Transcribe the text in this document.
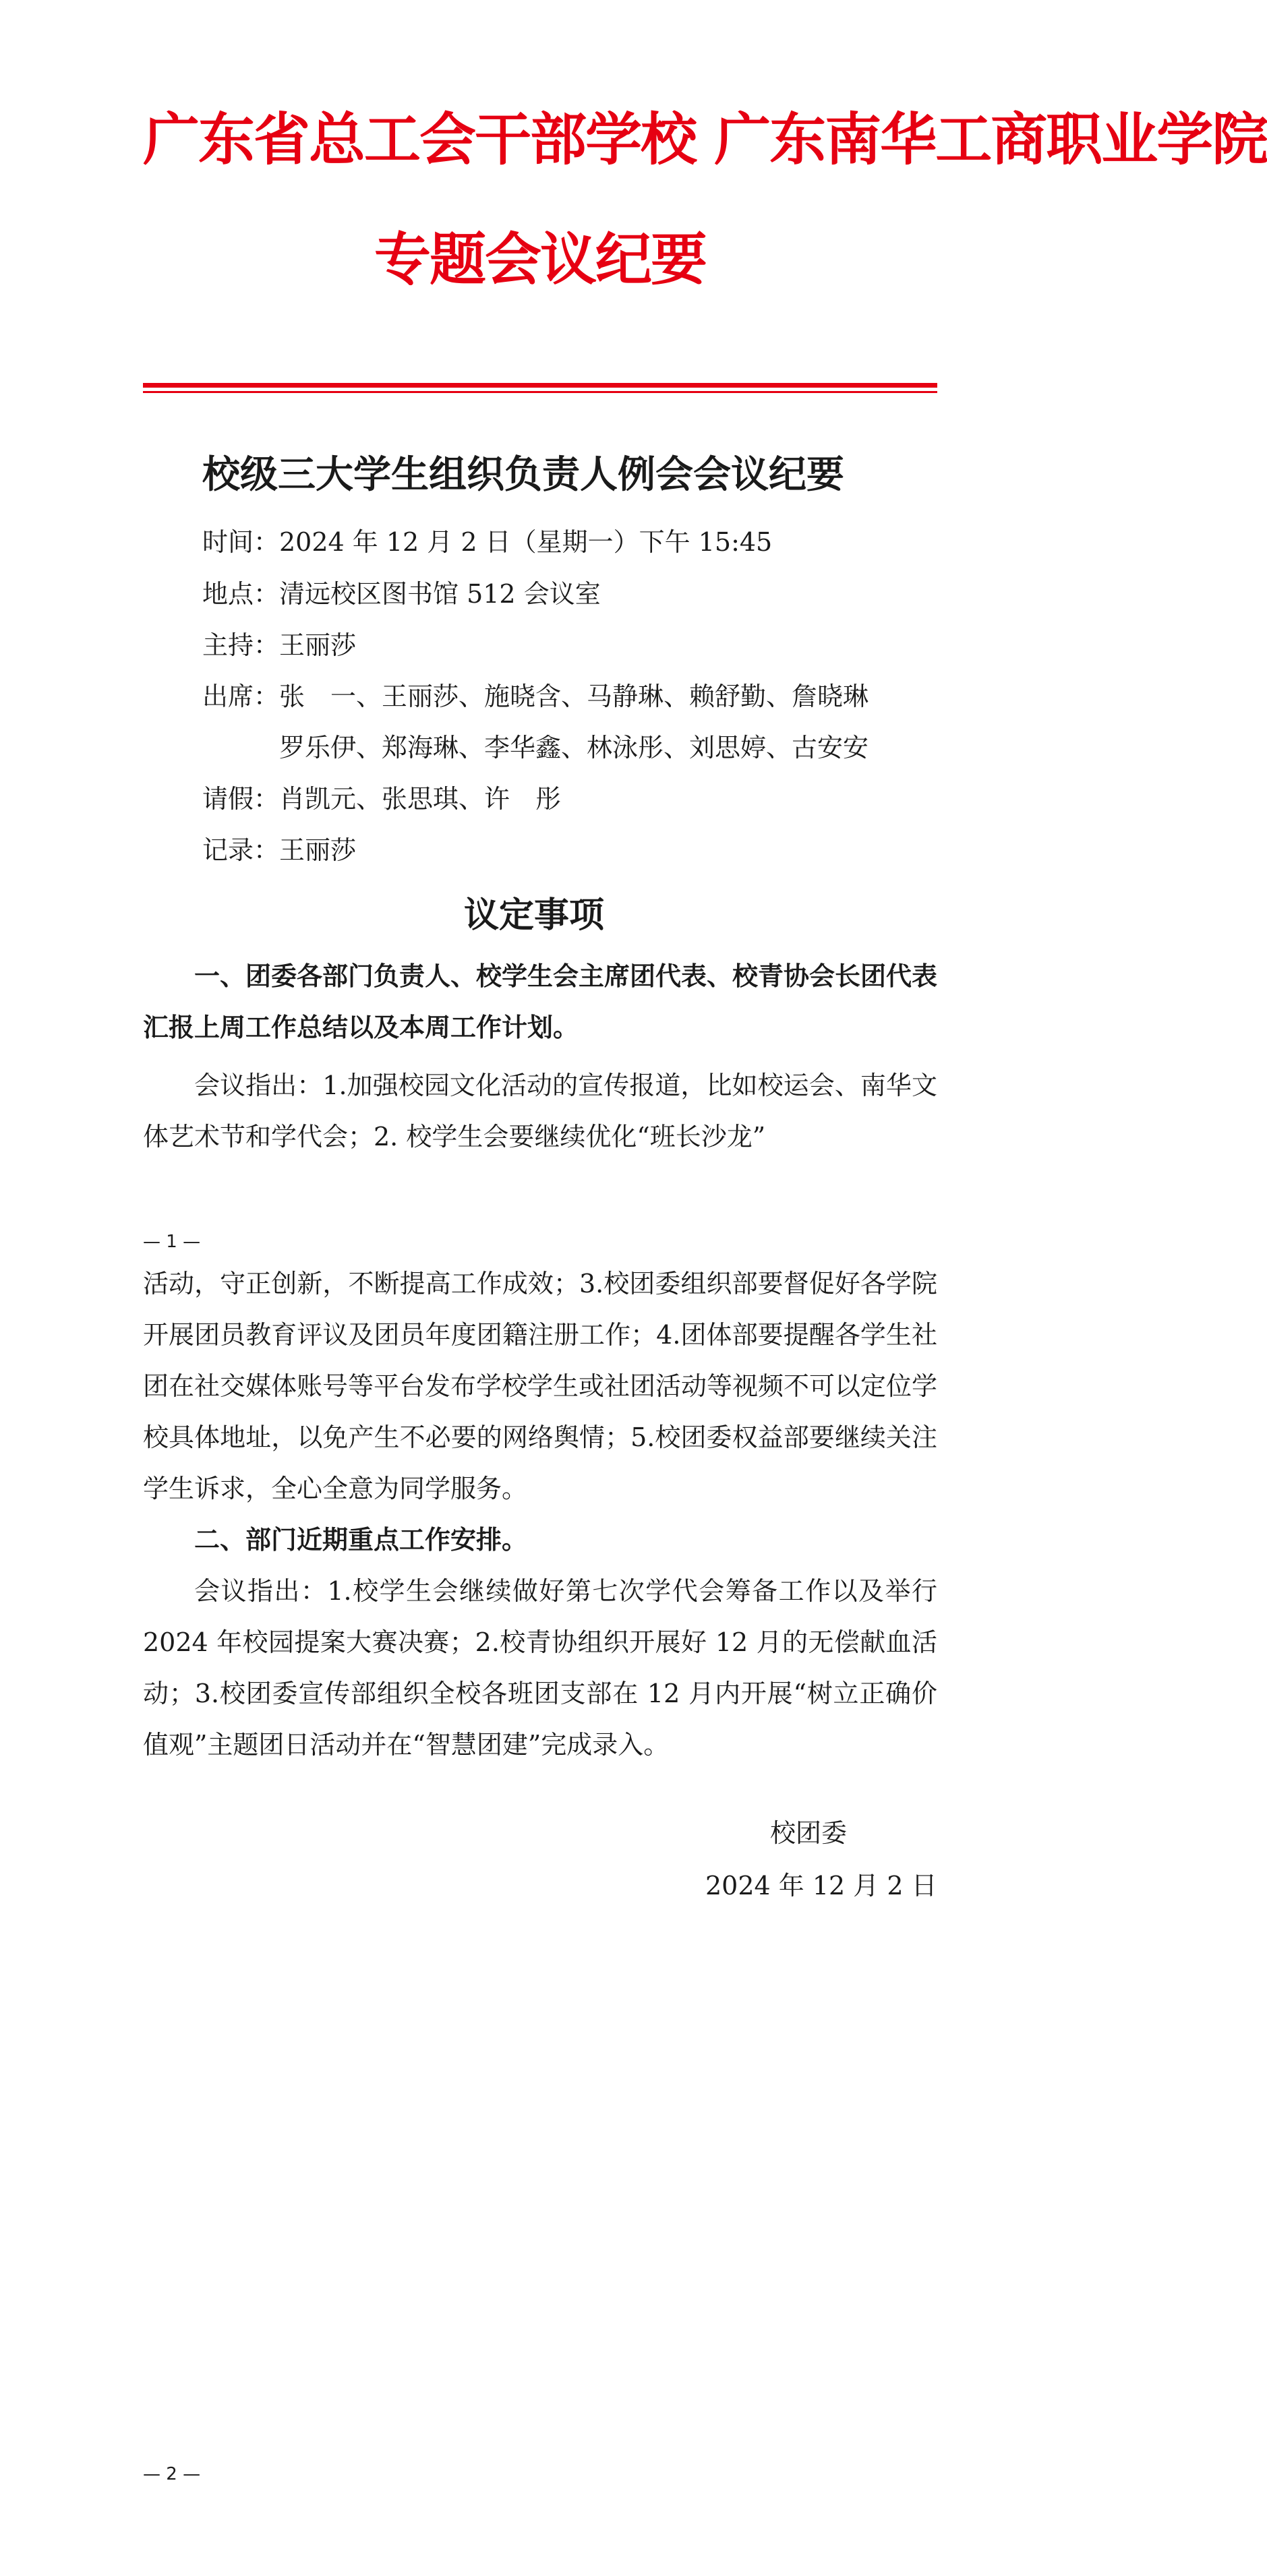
广东省总工会干部学校 广东南华工商职业学院
专题会议纪要
校级三大学生组织负责人例会会议纪要
时间：2024 年 12 月 2 日（星期一）下午 15:45
地点：清远校区图书馆 512 会议室
主持：王丽莎
出席： 张　一、王丽莎、施晓含、马静琳、赖舒勤、詹晓琳
罗乐伊、郑海琳、李华鑫、林泳彤、刘思婷、古安安
请假：肖凯元、张思琪、许　彤
记录：王丽莎
议定事项
一、团委各部门负责人、校学生会主席团代表、校青协会长团代表汇报上周工作总结以及本周工作计划。
会议指出：1.加强校园文化活动的宣传报道，比如校运会、南华文体艺术节和学代会；2. 校学生会要继续优化“班长沙龙”
— 1 —
活动，守正创新，不断提高工作成效；3.校团委组织部要督促好各学院开展团员教育评议及团员年度团籍注册工作；4.团体部要提醒各学生社团在社交媒体账号等平台发布学校学生或社团活动等视频不可以定位学校具体地址，以免产生不必要的网络舆情；5.校团委权益部要继续关注学生诉求，全心全意为同学服务。
二、部门近期重点工作安排。
会议指出：1.校学生会继续做好第七次学代会筹备工作以及举行 2024 年校园提案大赛决赛；2.校青协组织开展好 12 月的无偿献血活动；3.校团委宣传部组织全校各班团支部在 12 月内开展“树立正确价值观”主题团日活动并在“智慧团建”完成录入。
校团委
2024 年 12 月 2 日
— 2 —
